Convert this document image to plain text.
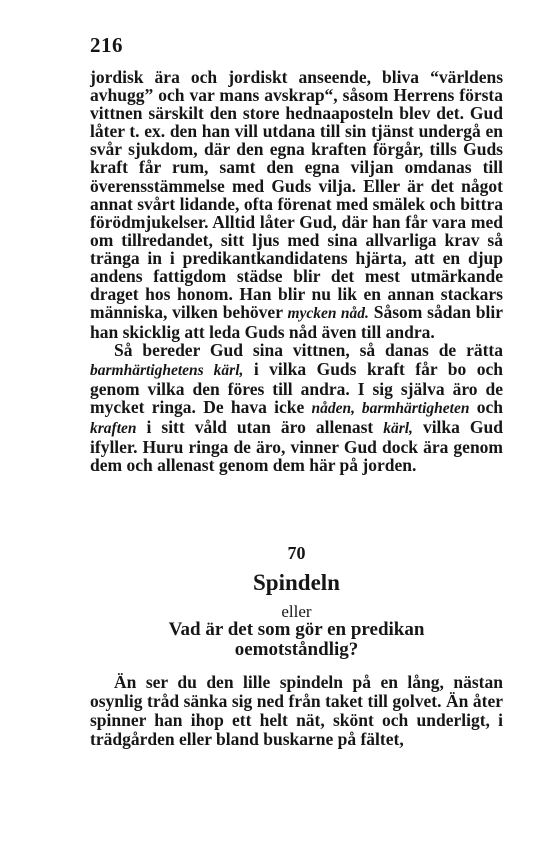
216

jordisk ära och jordiskt anseende, bliva “världens avhugg” och var mans avskrap“, såsom Herrens första vittnen särskilt den store hednaaposteln blev det. Gud låter t. ex. den han vill utdana till sin tjänst undergå en svår sjukdom, där den egna kraften förgår, tills Guds kraft får rum, samt den egna viljan omdanas till överensstämmelse med Guds vilja. Eller är det något annat svårt lidande, ofta förenat med smälek och bittra förödmjukelser. Alltid låter Gud, där han får vara med om tillredandet, sitt ljus med sina allvarliga krav så tränga in i predikantkandidatens hjärta, att en djup andens fattigdom städse blir det mest utmärkande draget hos honom. Han blir nu lik en annan stackars människa, vilken behöver mycken nåd. Såsom sådan blir han skicklig att leda Guds nåd även till andra.

Så bereder Gud sina vittnen, så danas de rätta barmhärtighetens kärl, i vilka Guds kraft får bo och genom vilka den föres till andra. I sig själva äro de mycket ringa. De hava icke nåden, barmhärtigheten och kraften i sitt våld utan äro allenast kärl, vilka Gud ifyller. Huru ringa de äro, vinner Gud dock ära genom dem och allenast genom dem här på jorden.

70
Spindeln
eller
Vad är det som gör en predikan oemotståndlig?

Än ser du den lille spindeln på en lång, nästan osynlig tråd sänka sig ned från taket till golvet. Än åter spinner han ihop ett helt nät, skönt och underligt, i trädgården eller bland buskarne på fältet,
